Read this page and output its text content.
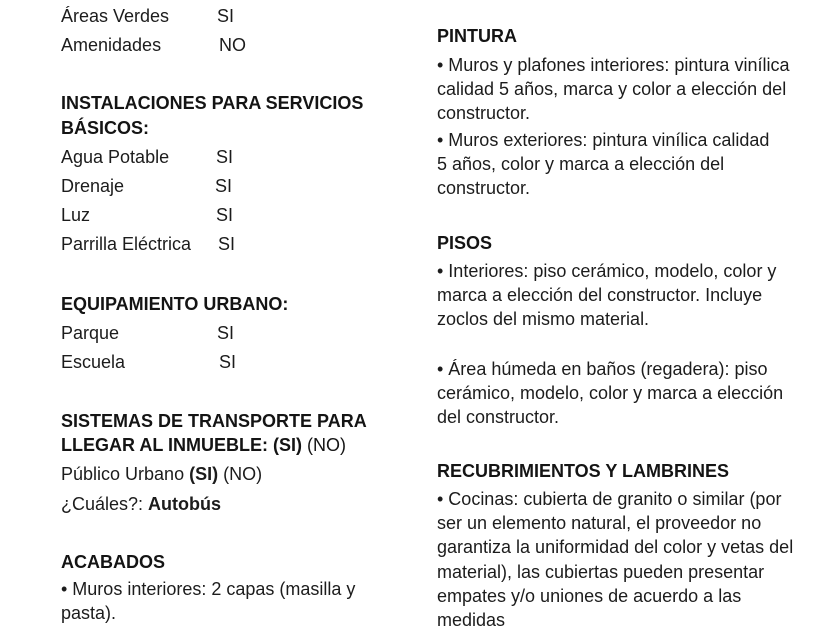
Áreas Verdes	SI
Amenidades	NO
INSTALACIONES PARA SERVICIOS
BÁSICOS:
Agua Potable	SI
Drenaje	SI
Luz	SI
Parrilla Eléctrica SI
EQUIPAMIENTO URBANO:
Parque	SI
Escuela	SI
SISTEMAS DE TRANSPORTE PARA
LLEGAR AL INMUEBLE: (SI) (NO)
Público Urbano (SI) (NO)
¿Cuáles?: Autobús
ACABADOS
• Muros interiores: 2 capas (masilla y pasta).
PINTURA
• Muros y plafones interiores: pintura vinílica calidad 5 años, marca y color a elección del constructor.
• Muros exteriores: pintura vinílica calidad 5 años, color y marca a elección del constructor.
PISOS
• Interiores: piso cerámico, modelo, color y marca a elección del constructor. Incluye zoclos del mismo material.
• Área húmeda en baños (regadera): piso cerámico, modelo, color y marca a elección del constructor.
RECUBRIMIENTOS Y LAMBRINES
• Cocinas: cubierta de granito o similar (por ser un elemento natural, el proveedor no garantiza la uniformidad del color y vetas del material), las cubiertas pueden presentar empates y/o uniones de acuerdo a las medidas
